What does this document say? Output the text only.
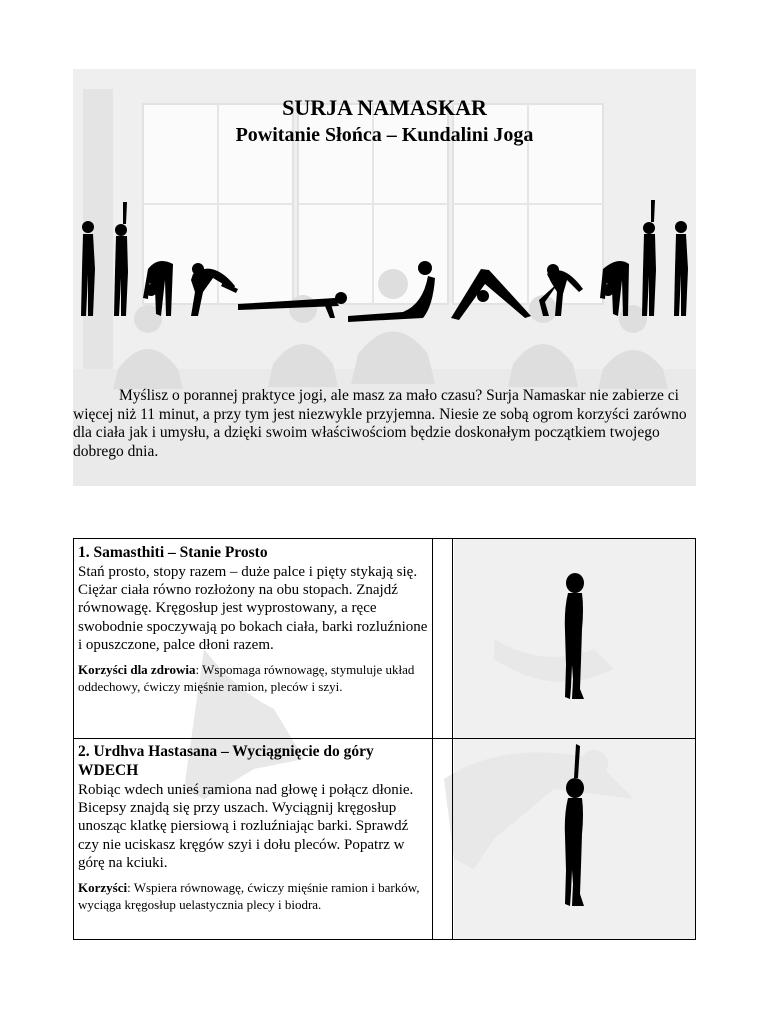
SURJA NAMASKAR
Powitanie Słońca – Kundalini Joga

Myślisz o porannej praktyce jogi, ale masz za mało czasu? Surja Namaskar nie zabierze ci więcej niż 11 minut, a przy tym jest niezwykle przyjemna. Niesie ze sobą ogrom korzyści zarówno dla ciała jak i umysłu, a dzięki swoim właściwościom będzie doskonałym początkiem twojego dobrego dnia.

1. Samasthiti – Stanie Prosto

Stań prosto, stopy razem – duże palce i pięty stykają się. Ciężar ciała równo rozłożony na obu stopach. Znajdź równowagę. Kręgosłup jest wyprostowany, a ręce swobodnie spoczywają po bokach ciała, barki rozluźnione i opuszczone, palce dłoni razem.

Korzyści dla zdrowia: Wspomaga równowagę, stymuluje układ oddechowy, ćwiczy mięśnie ramion, pleców i szyi.

2. Urdhva Hastasana – Wyciągnięcie do góry WDECH

Robiąc wdech unieś ramiona nad głowę i połącz dłonie. Bicepsy znajdą się przy uszach. Wyciągnij kręgosłup unosząc klatkę piersiową i rozluźniając barki. Sprawdź czy nie uciskasz kręgów szyi i dołu pleców. Popatrz w górę na kciuki.

Korzyści: Wspiera równowagę, ćwiczy mięśnie ramion i barków, wyciąga kręgosłup uelastycznia plecy i biodra.
